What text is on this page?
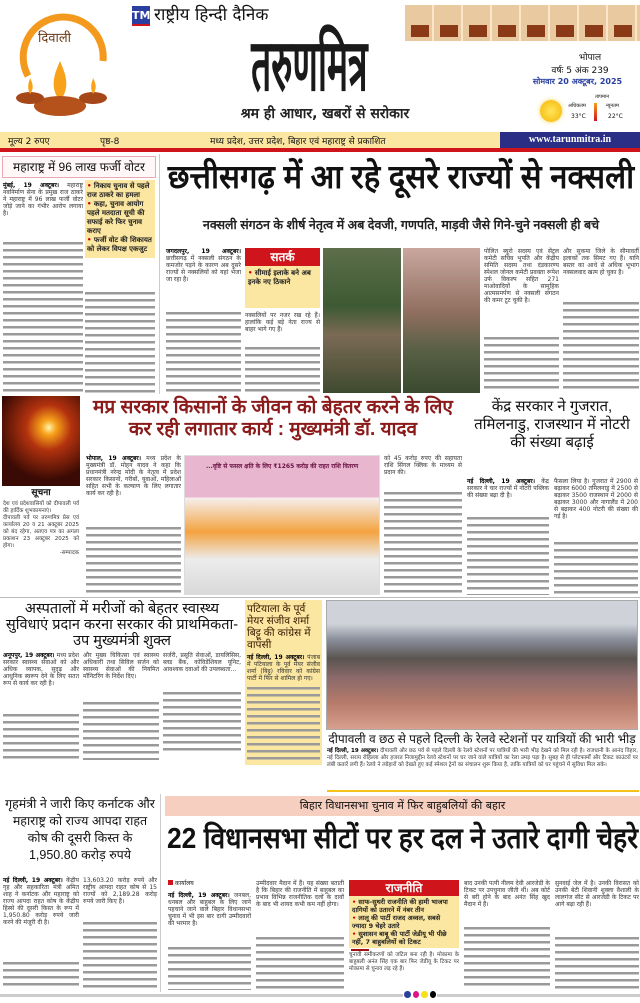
दिवाली
TM राष्ट्रीय हिन्दी दैनिक
तरुणमित्र
श्रम ही आधार, खबरों से सरोकार
भोपाल
वर्षः 5 अंक 239
सोमवार 20 अक्टूबर, 2025
तापमान
अधिकतम
33°C
न्यूनतम
22°C
मूल्य 2 रुपए	पृष्ठ-8	मध्य प्रदेश, उत्तर प्रदेश, बिहार एवं महाराष्ट्र से प्रकाशित	www.tarunmitra.in
महाराष्ट्र में 96 लाख फर्जी वोटर
मुंबई, 19 अक्टूबर। महाराष्ट्र नवनिर्माण सेना के प्रमुख राज ठाकरे ने महाराष्ट्र में 96 लाख फर्जी वोटर जोड़े जाने का गंभीर आरोप लगाया है।
• निकाय चुनाव से पहले राज ठाकरे का हमला
• कहा, चुनाव आयोग पहले मतदाता सूची की सफाई करे फिर चुनाव कराए
• फर्जी वोट की शिकायत को लेकर विपक्ष एकजुट
छत्तीसगढ़ में आ रहे दूसरे राज्यों से नक्सली
नक्सली संगठन के शीर्ष नेतृत्व में अब देवजी, गणपति, माड़वी जैसे गिने-चुने नक्सली ही बचे
जगदलपुर, 19 अक्टूबर। छत्तीसगढ़ में नक्सली संगठन के कमजोर पड़ने के कारण अब दूसरे राज्यों से नक्सलियों को यहां भेजा जा रहा है।
सतर्क
• सीमाई इलाके बने अब इनके नए ठिकाने
नक्सलियों पर नजर रख रहे हैं। हालांकि कई बड़े नेता राज्य से बाहर भागे गए हैं।
पोलित ब्यूरो सदस्य एवं सेंट्रल कमेटी सचिव भूपति और केंद्रीय समिति सदस्य तथा दंडकारण्य स्पेशल जोनल कमेटी प्रवक्ता रूपेश उर्फ विकल्प सहित 271 माओवादियों के सामूहिक आत्मसमर्पण से नक्सली संगठन की कमर टूट चुकी है।
और सुकमा जिले के सीमावर्ती इलाकों तक सिमट गए हैं। यानि बस्तर का आधे से अधिक भूभाग नक्सलवाद खत्म हो चुका है।
सूचना
देश एवं प्रदेशवासियों को दीपावली पर्व की हार्दिक शुभकामनाएं।
दीपावली पर्व पर तरुणमित्र प्रेस एवं कार्यालय 20 व 21 अक्टूबर 2025 को बंद रहेगा, अतएव पत्र का अगला प्रकाशन 23 अक्टूबर 2025 को होगा।
-सम्पादक
मप्र सरकार किसानों के जीवन को बेहतर करने के लिए कर रही लगातार कार्य : मुख्यमंत्री डॉ. यादव
भोपाल, 19 अक्टूबर। मध्य प्रदेश के मुख्यमंत्री डॉ. मोहन यादव ने कहा कि प्रधानमंत्री नरेन्द्र मोदी के नेतृत्व में प्रदेश सरकार किसानों, गरीबों, युवाओं, महिलाओं सहित सभी के कल्याण के लिए लगातार कार्य कर रही है।
...वृष्टि से फसल क्षति के लिए ₹1265 करोड़ की राहत राशि वितरण
को 45 करोड़ रुपए की सहायता राशि सिंगल क्लिक के माध्यम से प्रदान की।
केंद्र सरकार ने गुजरात, तमिलनाडु, राजस्थान में नोटरी की संख्या बढ़ाई
नई दिल्ली, 19 अक्टूबर। केंद्र सरकार ने चार राज्यों में नोटरी पब्लिक की संख्या बढ़ा दी है।
फैसला लिया है। गुजरात में 2900 से बढ़ाकर 6000 तमिलनाडु में 2500 से बढ़ाकर 3500 राजस्थान में 2000 से बढ़ाकर 3000 और नागालैंड में 200 से बढ़ाकर 400 नोटरी की संख्या की गई है।
अस्पतालों में मरीजों को बेहतर स्वास्थ्य सुविधाएं प्रदान करना सरकार की प्राथमिकता- उप मुख्यमंत्री शुक्ल
अनूपपुर, 19 अक्टूबर। मध्य प्रदेश सरकार स्वास्थ्य सेवाओं को और अधिक व्यापक, सुदृढ़ और आधुनिक स्वरूप देने के लिए सतत रूप से कार्य कर रही है।
और मुख्य चिकित्सा एवं स्वास्थ्य अधिकारी तथा सिविल सर्जन को स्वास्थ्य सेवाओं की नियमित मॉनिटरिंग के निर्देश दिए।
सर्जरी, प्रसूति सेवाओं, डायलिसिस, ब्लड बैंक, कोविडेंशियल यूनिट, आवश्यक दवाओं की उपलब्धता...
पटियाला के पूर्व मेयर संजीव शर्मा बिट्टू की कांग्रेस में वापसी
नई दिल्ली, 19 अक्टूबर। पंजाब में पटियाला के पूर्व मेयर संजीव शर्मा (बिट्टू) रविवार को कांग्रेस पार्टी में फिर से शामिल हो गए।
दीपावली व छठ से पहले दिल्ली के रेलवे स्टेशनों पर यात्रियों की भारी भीड़
नई दिल्ली, 19 अक्टूबर। दीपावली और छठ पर्व से पहले दिल्ली के रेलवे स्टेशनों पर यात्रियों की भारी भीड़ देखने को मिल रही है। राजधानी के आनंद विहार, नई दिल्ली, सराय रोहिल्ला और हजरत निजामुद्दीन रेलवे स्टेशनों पर घर जाने वाले यात्रियों का रेला उमड़ पड़ा है। सुबह से ही प्लेटफार्मों और टिकट काउंटरों पर लंबी कतारें लगी हैं। रेलवे ने त्योहारों को देखते हुए कई स्पेशल ट्रेनों का संचालन शुरू किया है, ताकि यात्रियों को घर पहुंचने में सुविधा मिल सके।
गृहमंत्री ने जारी किए कर्नाटक और महाराष्ट्र को राज्य आपदा राहत कोष की दूसरी किस्त के 1,950.80 करोड़ रुपये
नई दिल्ली, 19 अक्टूबर। केंद्रीय गृह और सहकारिता मंत्री अमित शाह ने कर्नाटक और महाराष्ट्र को राज्य आपदा राहत कोष के केंद्रीय हिस्से की दूसरी किस्त के रूप में 1,950.80 करोड़ रुपये जारी करने की मंजूरी दी है।
13,603.20 करोड़ रुपये और राष्ट्रीय आपदा राहत कोष से 15 राज्यों को 2,189.28 करोड़ रुपये जारी किए हैं।
बिहार विधानसभा चुनाव में फिर बाहुबलियों की बहार
22 विधानसभा सीटों पर हर दल ने उतारे दागी चेहरे
कार्यालय
नई दिल्ली, 19 अक्टूबर। जनबल, धनबल और बाहुबल के लिए जाने पहचाने जाने वाले बिहार विधानसभा चुनाव में भी इस बार दागी उम्मीदवारों की भरमार है।
उम्मीदवार मैदान में हैं। यह संख्या बताती है कि बिहार की राजनीति में बाहुबल का प्रभाव विभिन्न राजनीतिक दलों के दावों के बाद भी शायद कभी कम नहीं होगा।
राजनीति
• साफ-सुथरी राजनीति की हामी भाजपा दागियों को उतारने में नंबर तीन
• लालू की पार्टी राजद अव्वल, सबसे ज्यादा 9 चेहरे उतारे
• सुशासन बाबू की पार्टी जेडीयू भी पीछे नहीं, 7 बाहुबलियों को टिकट
चुनावी समीकरणों को जटिल बना रही है। मोकामा के बाहुबली अनंत सिंह एक बार फिर जेडीयू के टिकट पर मोकामा से चुनाव लड़ रहे हैं।
बाद उनकी पत्नी नीलम देवी आरजेडी के टिकट पर उपचुनाव जीती थीं। अब कोर्ट से बरी होने के बाद अनंत सिंह खुद मैदान में हैं।
सुनवाई जेल में है। उनकी विरासत को उनकी बेटी शिवानी शुक्ला वैशाली के लालगंज सीट से आरजेडी के टिकट पर आगे बढ़ा रही हैं।
